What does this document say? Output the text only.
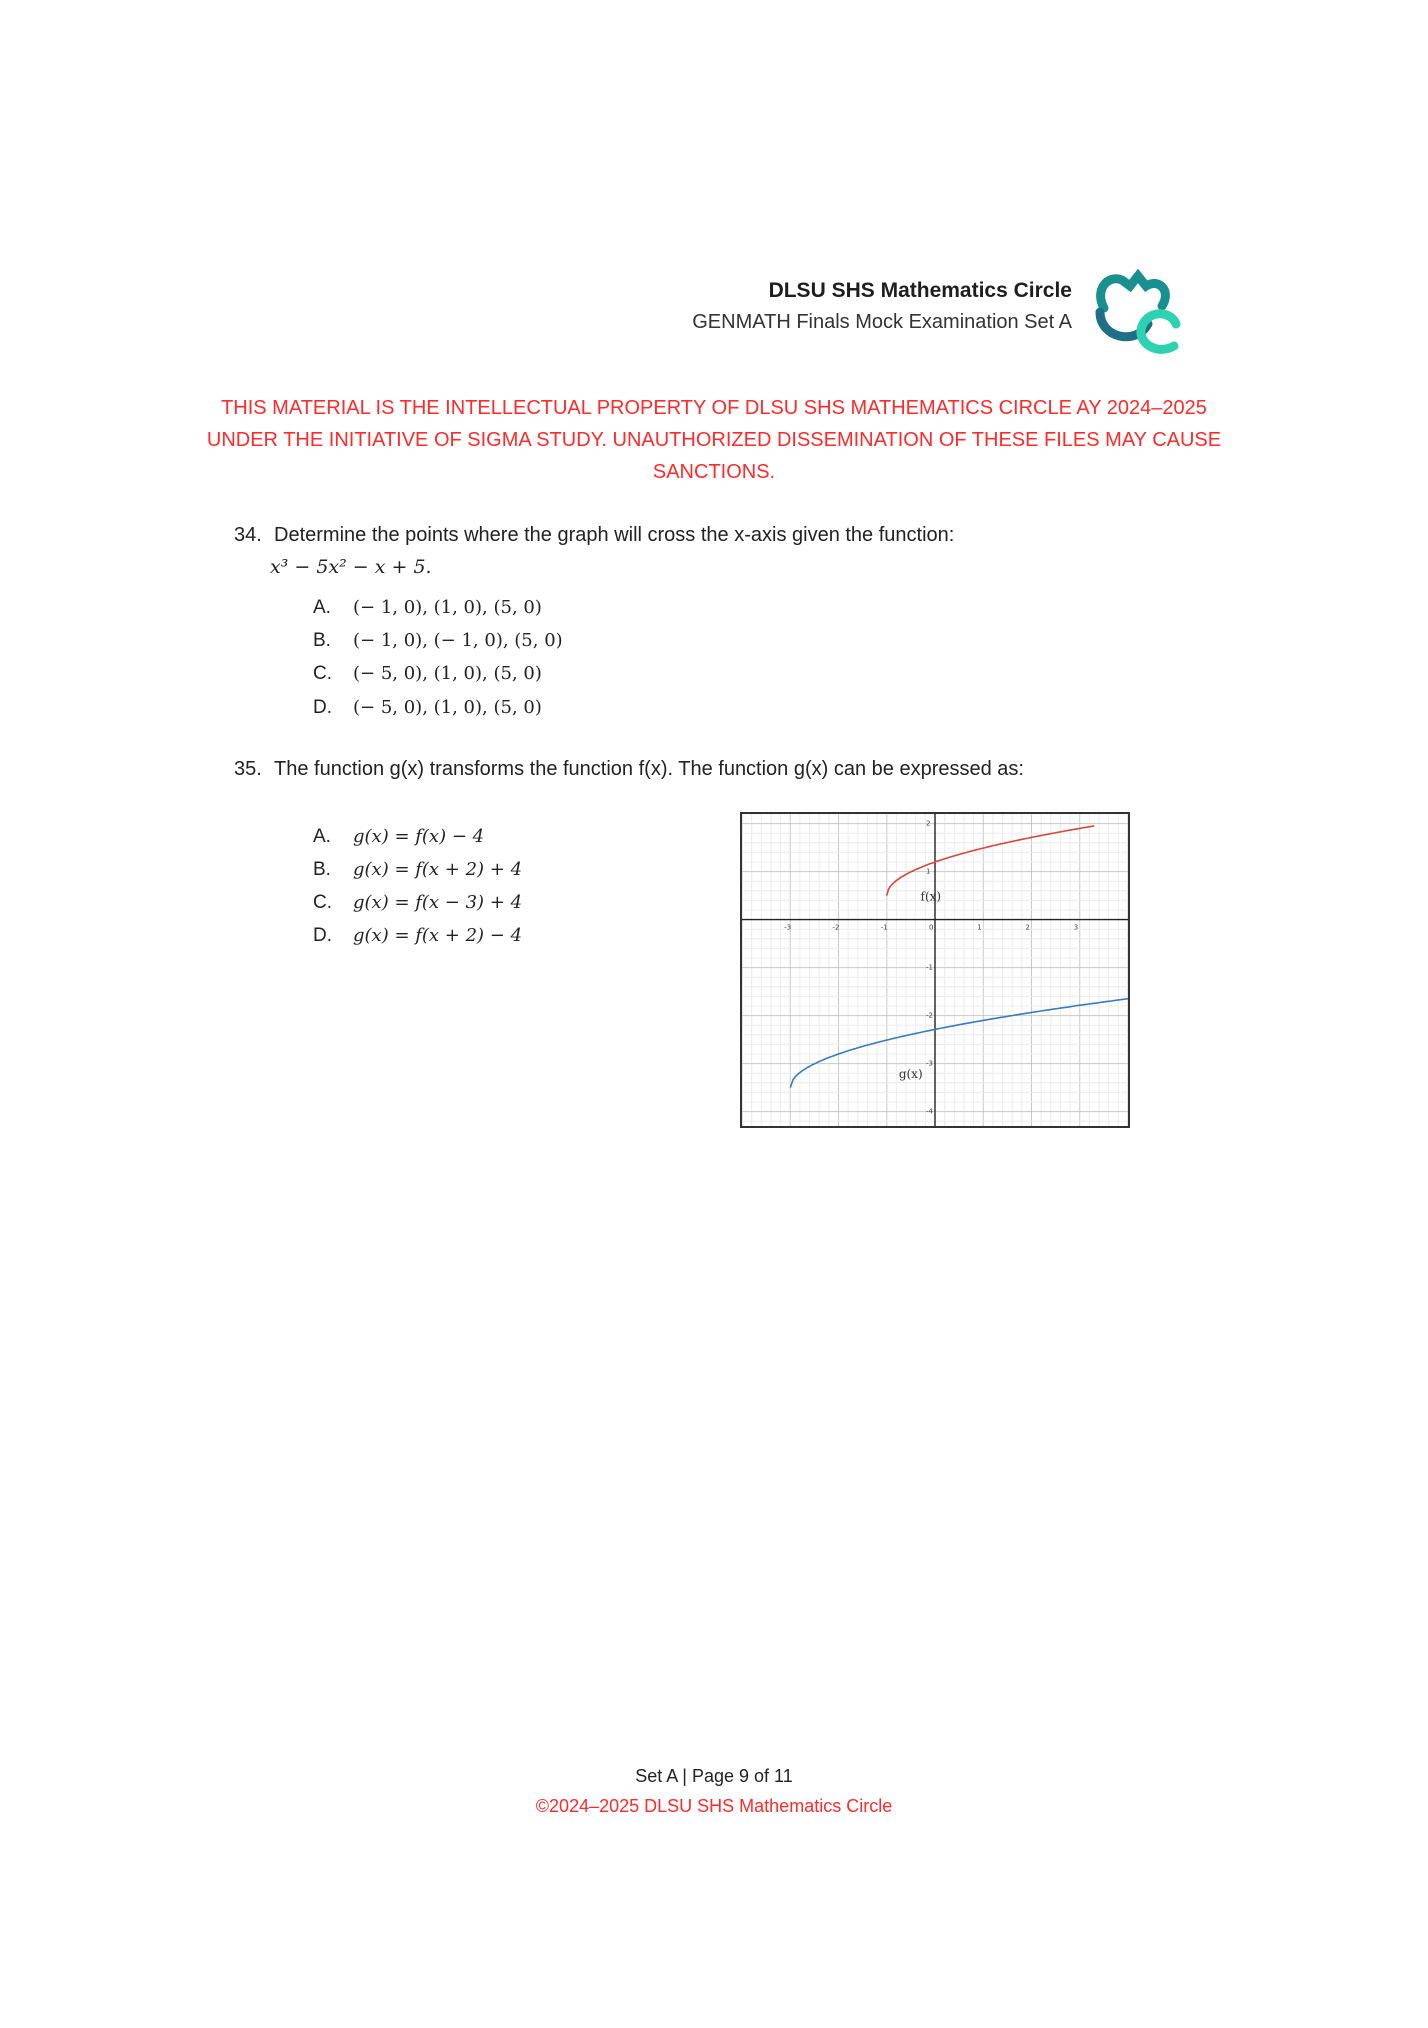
DLSU SHS Mathematics Circle
GENMATH Finals Mock Examination Set A
THIS MATERIAL IS THE INTELLECTUAL PROPERTY OF DLSU SHS MATHEMATICS CIRCLE AY 2024–2025
UNDER THE INITIATIVE OF SIGMA STUDY. UNAUTHORIZED DISSEMINATION OF THESE FILES MAY CAUSE
SANCTIONS.
34. Determine the points where the graph will cross the x-axis given the function:
x³ − 5x² − x + 5.
A. (− 1, 0), (1, 0), (5, 0)
B. (− 1, 0), (− 1, 0), (5, 0)
C. (− 5, 0), (1, 0), (5, 0)
D. (− 5, 0), (1, 0), (5, 0)
35. The function g(x) transforms the function f(x). The function g(x) can be expressed as:
A. g(x) = f(x) − 4
B. g(x) = f(x + 2) + 4
C. g(x) = f(x − 3) + 4
D. g(x) = f(x + 2) − 4	-3	-2	-1	0	1	2	3
2
1
-1
-2
-3
-4
f(x)
g(x)
Set A | Page 9 of 11
©2024–2025 DLSU SHS Mathematics Circle
